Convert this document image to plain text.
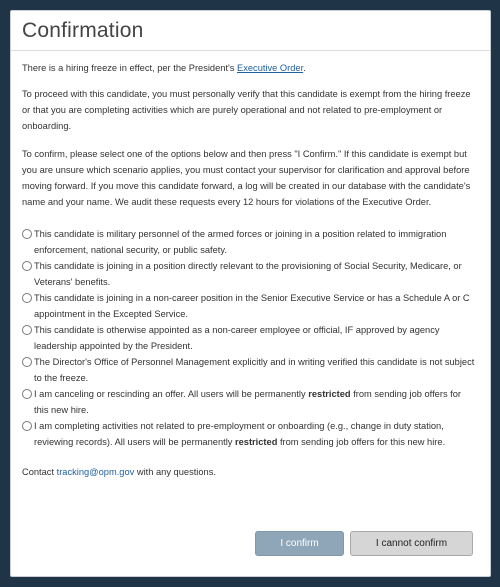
Confirmation

There is a hiring freeze in effect, per the President's Executive Order.

To proceed with this candidate, you must personally verify that this candidate is exempt from the hiring freeze or that you are completing activities which are purely operational and not related to pre-employment or onboarding.

To confirm, please select one of the options below and then press "I Confirm." If this candidate is exempt but you are unsure which scenario applies, you must contact your supervisor for clarification and approval before moving forward. If you move this candidate forward, a log will be created in our database with the candidate's name and your name. We audit these requests every 12 hours for violations of the Executive Order.

This candidate is military personnel of the armed forces or joining in a position related to immigration enforcement, national security, or public safety.
This candidate is joining in a position directly relevant to the provisioning of Social Security, Medicare, or Veterans' benefits.
This candidate is joining in a non-career position in the Senior Executive Service or has a Schedule A or C appointment in the Excepted Service.
This candidate is otherwise appointed as a non-career employee or official, IF approved by agency leadership appointed by the President.
The Director's Office of Personnel Management explicitly and in writing verified this candidate is not subject to the freeze.
I am canceling or rescinding an offer. All users will be permanently restricted from sending job offers for this new hire.
I am completing activities not related to pre-employment or onboarding (e.g., change in duty station, reviewing records). All users will be permanently restricted from sending job offers for this new hire.

Contact tracking@opm.gov with any questions.

I confirm	I cannot confirm
